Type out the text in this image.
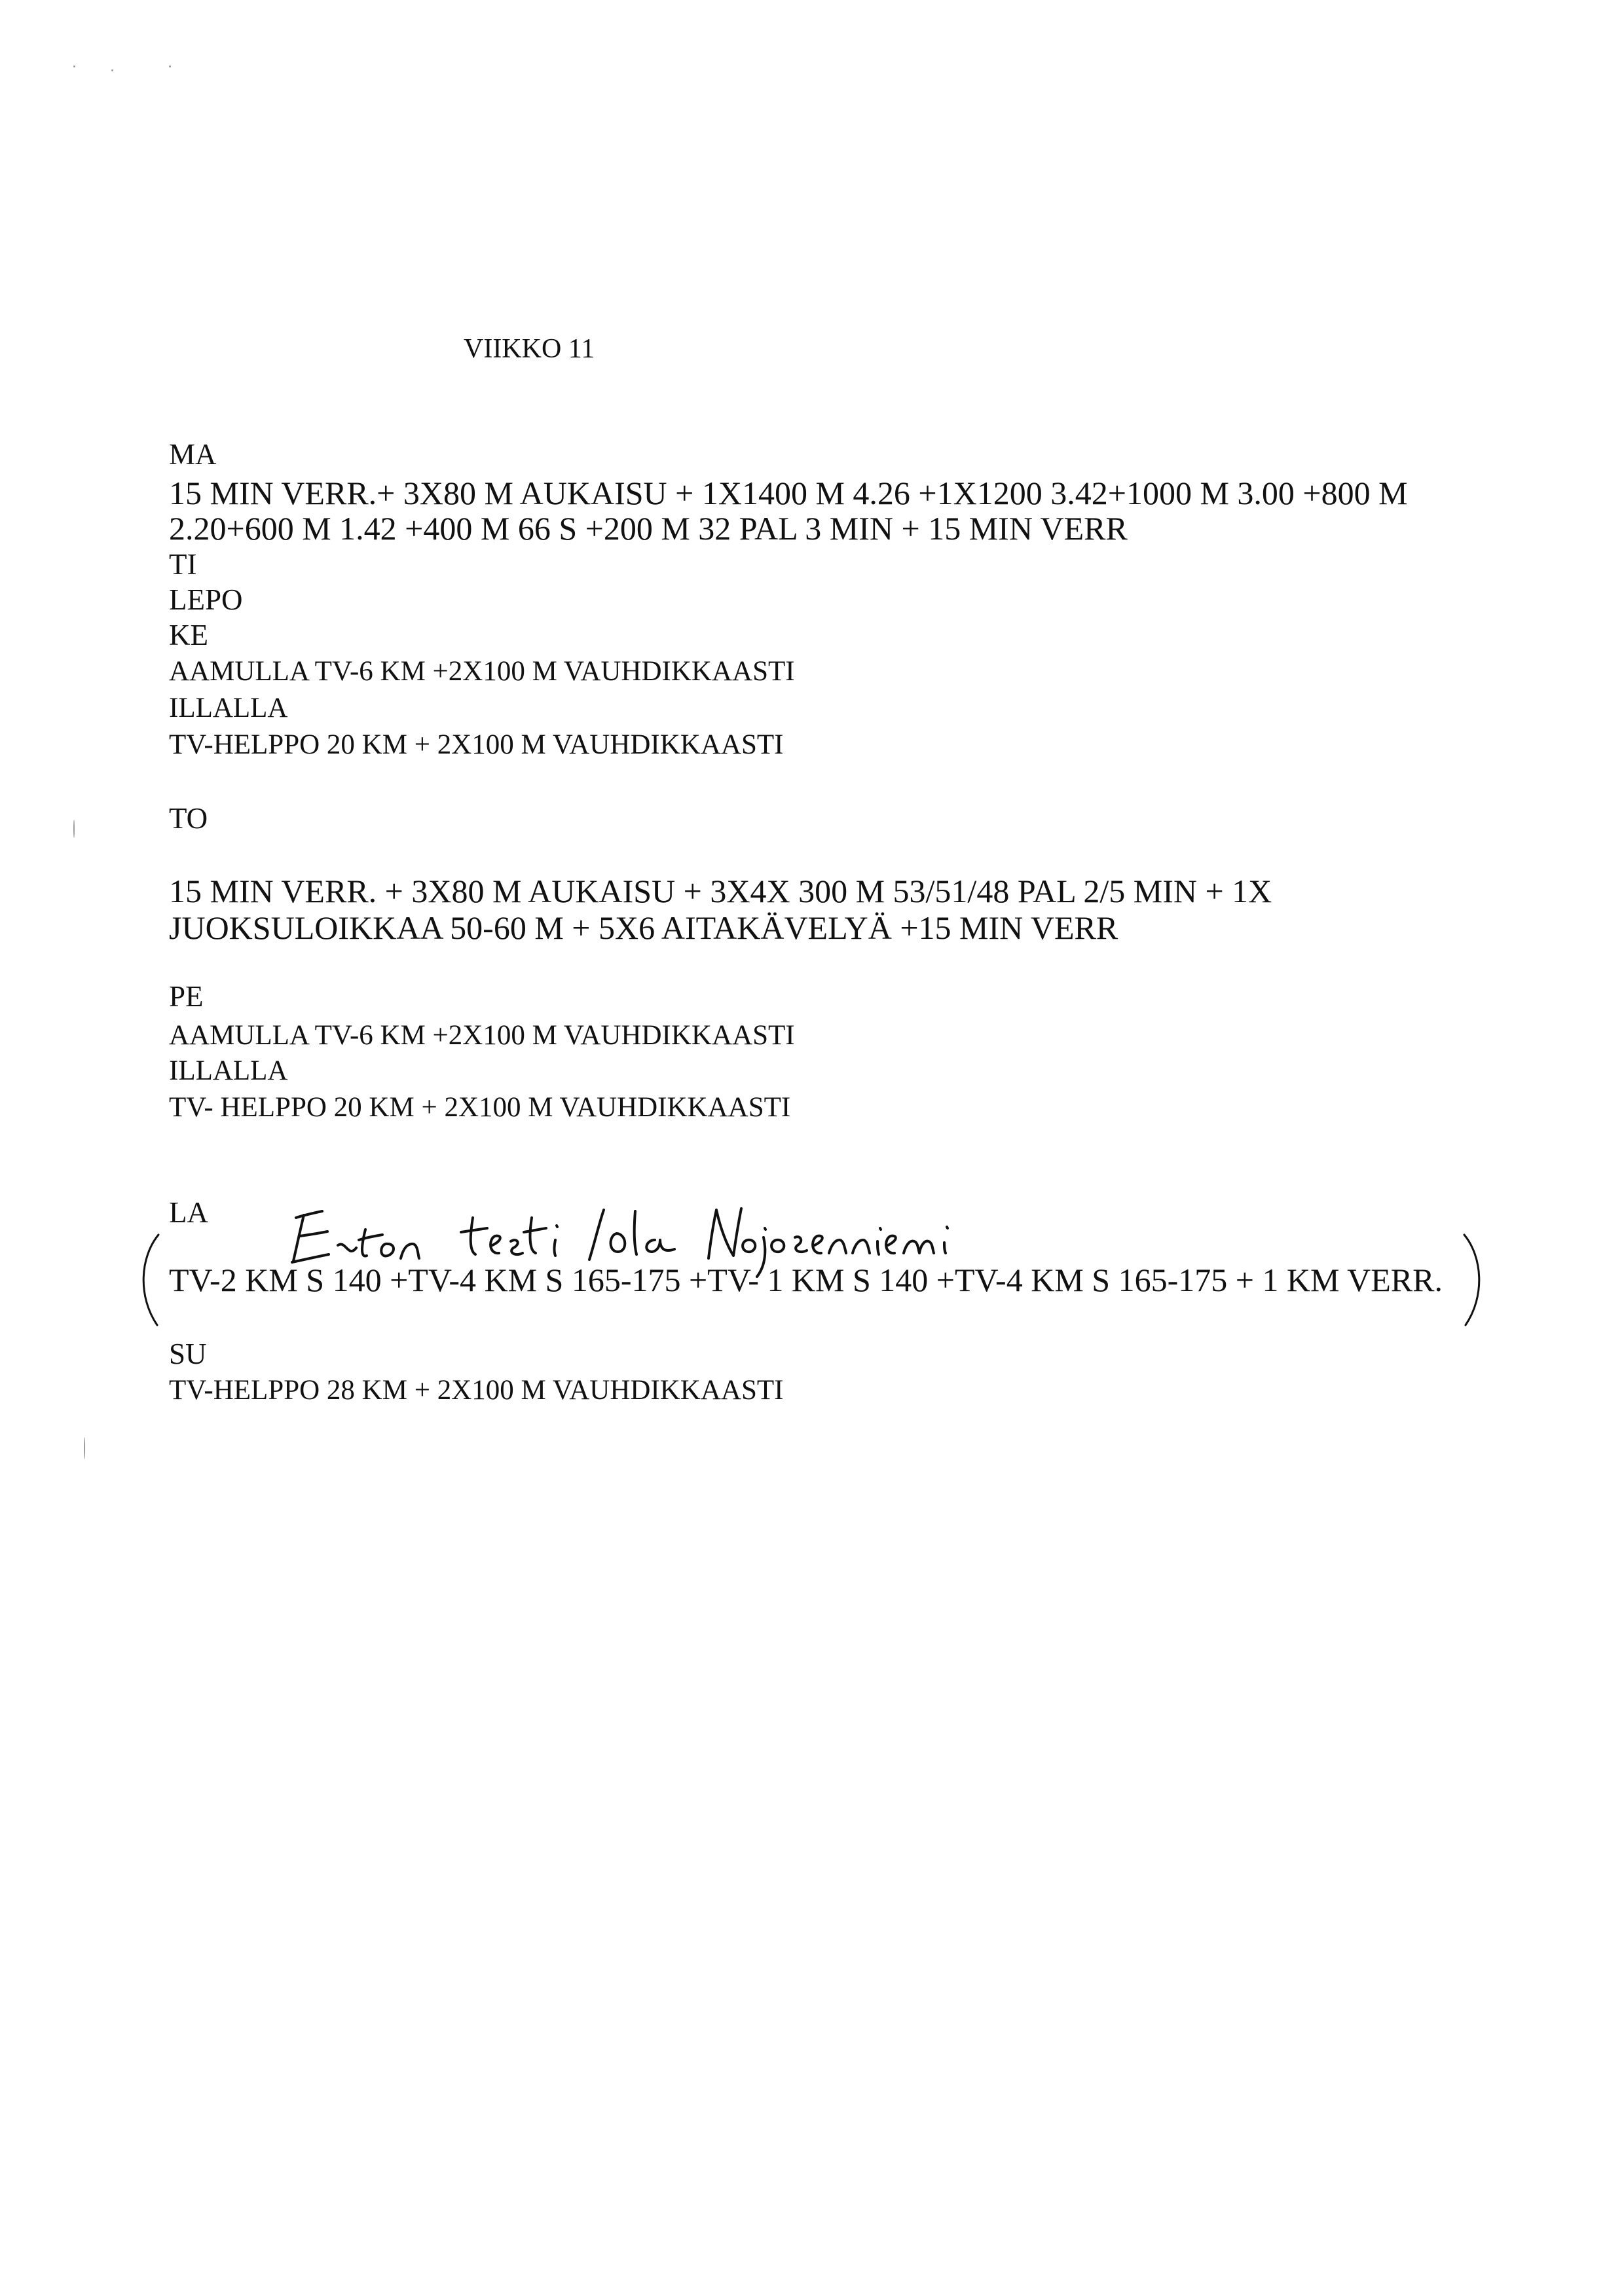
VIIKKO 11
MA
15 MIN VERR.+ 3X80 M AUKAISU + 1X1400 M 4.26 +1X1200 3.42+1000 M 3.00 +800 M
2.20+600 M 1.42 +400 M 66 S +200 M 32 PAL 3 MIN + 15 MIN VERR
TI
LEPO
KE
AAMULLA TV-6 KM +2X100 M VAUHDIKKAASTI
ILLALLA
TV-HELPPO 20 KM + 2X100 M VAUHDIKKAASTI
TO
15 MIN VERR. + 3X80 M AUKAISU + 3X4X 300 M 53/51/48 PAL 2/5 MIN + 1X
JUOKSULOIKKAA 50-60 M + 5X6 AITAKÄVELYÄ +15 MIN VERR
PE
AAMULLA TV-6 KM +2X100 M VAUHDIKKAASTI
ILLALLA
TV- HELPPO 20 KM + 2X100 M VAUHDIKKAASTI
LA
TV-2 KM S 140 +TV-4 KM S 165-175 +TV- 1 KM S 140 +TV-4 KM S 165-175 + 1 KM VERR.
SU
TV-HELPPO 28 KM + 2X100 M VAUHDIKKAASTI
